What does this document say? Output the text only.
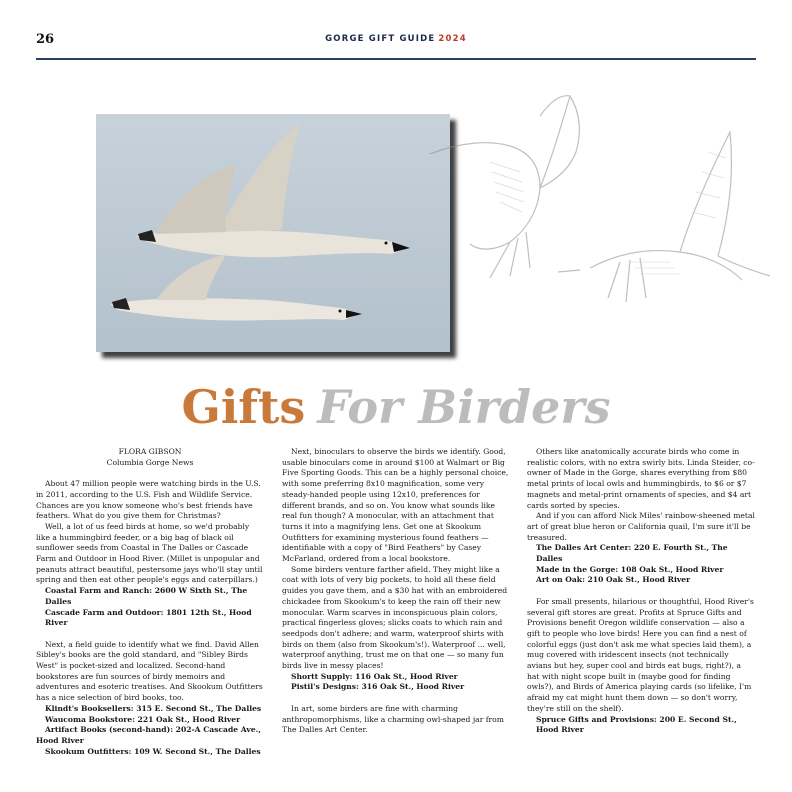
26	GORGE GIFT GUIDE 2024
Gifts For Birders

FLORA GIBSON

Columbia Gorge News

About 47 million people were watching birds in the U.S. in 2011, according to the U.S. Fish and Wildlife Service. Chances are you know someone who's best friends have feathers. What do you give them for Christmas?

Well, a lot of us feed birds at home, so we'd probably like a hummingbird feeder, or a big bag of black oil sunflower seeds from Coastal in The Dalles or Cascade Farm and Outdoor in Hood River. (Millet is unpopular and peanuts attract beautiful, pestersome jays who'll stay until spring and then eat other people's eggs and caterpillars.)

Coastal Farm and Ranch: 2600 W Sixth St., The Dalles

Cascade Farm and Outdoor: 1801 12th St., Hood River

Next, a field guide to identify what we find. David Allen Sibley's books are the gold standard, and "Sibley Birds West" is pocket-sized and localized. Second-hand bookstores are fun sources of birdy memoirs and adventures and esoteric treatises. And Skookum Outfitters has a nice selection of bird books, too.

Klindt's Booksellers: 315 E. Second St., The Dalles

Waucoma Bookstore: 221 Oak St., Hood River

Artifact Books (second-hand): 202-A Cascade Ave., Hood River

Skookum Outfitters: 109 W. Second St., The Dalles

Next, binoculars to observe the birds we identify. Good, usable binoculars come in around $100 at Walmart or Big Five Sporting Goods. This can be a highly personal choice, with some preferring 8x10 magnification, some very steady-handed people using 12x10, preferences for different brands, and so on. You know what sounds like real fun though? A monocular, with an attachment that turns it into a magnifying lens. Get one at Skookum Outfitters for examining mysterious found feathers — identifiable with a copy of "Bird Feathers" by Casey McFarland, ordered from a local bookstore.

Some birders venture farther afield. They might like a coat with lots of very big pockets, to hold all these field guides you gave them, and a $30 hat with an embroidered chickadee from Skookum's to keep the rain off their new monocular. Warm scarves in inconspicuous plain colors, practical fingerless gloves; slicks coats to which rain and seedpods don't adhere; and warm, waterproof shirts with birds on them (also from Skookum's!). Waterproof ... well, waterproof anything, trust me on that one — so many fun birds live in messy places!

Shortt Supply: 116 Oak St., Hood River

Pistil's Designs: 316 Oak St., Hood River

In art, some birders are fine with charming anthropomorphisms, like a charming owl-shaped jar from The Dalles Art Center.

Others like anatomically accurate birds who come in realistic colors, with no extra swirly bits. Linda Steider, co-owner of Made in the Gorge, shares everything from $80 metal prints of local owls and hummingbirds, to $6 or $7 magnets and metal-print ornaments of species, and $4 art cards sorted by species.

And if you can afford Nick Miles' rainbow-sheened metal art of great blue heron or California quail, I'm sure it'll be treasured.

The Dalles Art Center: 220 E. Fourth St., The Dalles

Made in the Gorge: 108 Oak St., Hood River

Art on Oak: 210 Oak St., Hood River

For small presents, hilarious or thoughtful, Hood River's several gift stores are great. Profits at Spruce Gifts and Provisions benefit Oregon wildlife conservation — also a gift to people who love birds! Here you can find a nest of colorful eggs (just don't ask me what species laid them), a mug covered with iridescent insects (not technically avians but hey, super cool and birds eat bugs, right?), a hat with night scope built in (maybe good for finding owls?), and Birds of America playing cards (so lifelike, I'm afraid my cat might hunt them down — so don't worry, they're still on the shelf).

Spruce Gifts and Provisions: 200 E. Second St., Hood River
